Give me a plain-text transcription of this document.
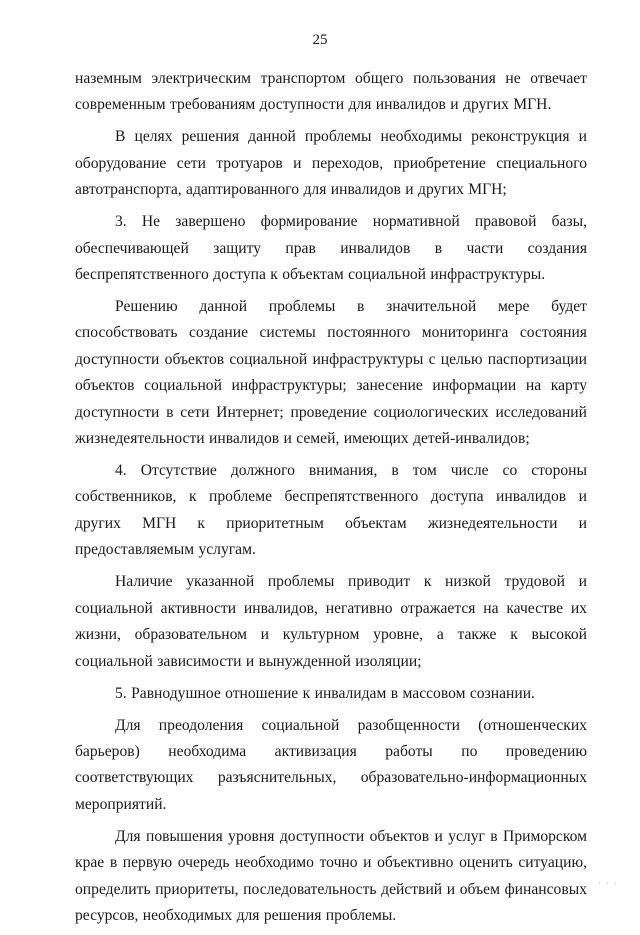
25

наземным электрическим транспортом общего пользования не отвечает современным требованиям доступности для инвалидов и других МГН.

В целях решения данной проблемы необходимы реконструкция и оборудование сети тротуаров и переходов, приобретение специального автотранспорта, адаптированного для инвалидов и других МГН;

3. Не завершено формирование нормативной правовой базы, обеспечивающей защиту прав инвалидов в части создания беспрепятственного доступа к объектам социальной инфраструктуры.

Решению данной проблемы в значительной мере будет способствовать создание системы постоянного мониторинга состояния доступности объектов социальной инфраструктуры с целью паспортизации объектов социальной инфраструктуры; занесение информации на карту доступности в сети Интернет; проведение социологических исследований жизнедеятельности инвалидов и семей, имеющих детей-инвалидов;

4. Отсутствие должного внимания, в том числе со стороны собственников, к проблеме беспрепятственного доступа инвалидов и других МГН к приоритетным объектам жизнедеятельности и предоставляемым услугам.

Наличие указанной проблемы приводит к низкой трудовой и социальной активности инвалидов, негативно отражается на качестве их жизни, образовательном и культурном уровне, а также к высокой социальной зависимости и вынужденной изоляции;

5. Равнодушное отношение к инвалидам в массовом сознании.

Для преодоления социальной разобщенности (отношенческих барьеров) необходима активизация работы по проведению соответствующих разъяснительных, образовательно-информационных мероприятий.

Для повышения уровня доступности объектов и услуг в Приморском крае в первую очередь необходимо точно и объективно оценить ситуацию, определить приоритеты, последовательность действий и объем финансовых ресурсов, необходимых для решения проблемы.

' ' '
